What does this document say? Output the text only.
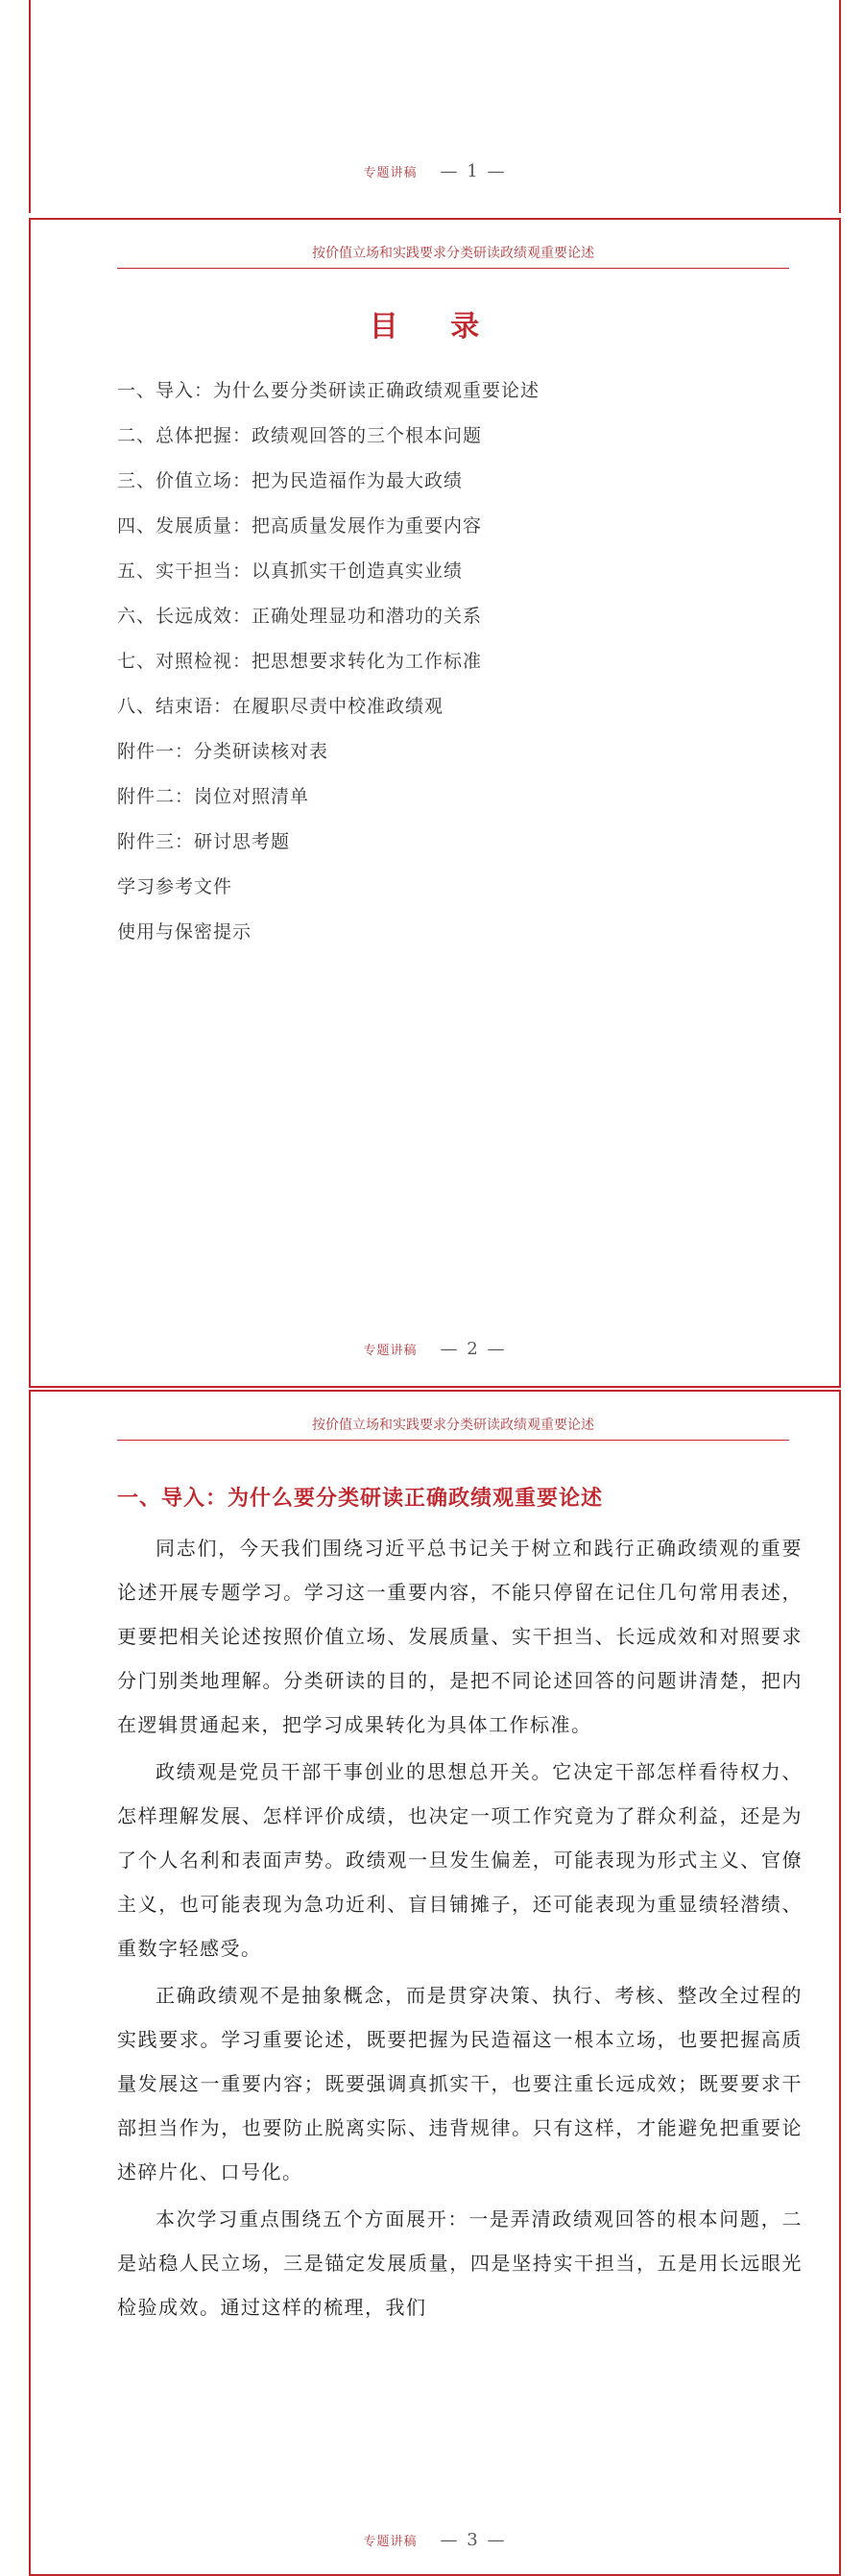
专题讲稿 — 1 —
按价值立场和实践要求分类研读政绩观重要论述
目 录
一、导入：为什么要分类研读正确政绩观重要论述
二、总体把握：政绩观回答的三个根本问题
三、价值立场：把为民造福作为最大政绩
四、发展质量：把高质量发展作为重要内容
五、实干担当：以真抓实干创造真实业绩
六、长远成效：正确处理显功和潜功的关系
七、对照检视：把思想要求转化为工作标准
八、结束语：在履职尽责中校准政绩观
附件一：分类研读核对表
附件二：岗位对照清单
附件三：研讨思考题
学习参考文件
使用与保密提示
专题讲稿 — 2 —
按价值立场和实践要求分类研读政绩观重要论述
一、导入：为什么要分类研读正确政绩观重要论述

同志们，今天我们围绕习近平总书记关于树立和践行正确政绩观的重要论述开展专题学习。学习这一重要内容，不能只停留在记住几句常用表述，更要把相关论述按照价值立场、发展质量、实干担当、长远成效和对照要求分门别类地理解。分类研读的目的，是把不同论述回答的问题讲清楚，把内在逻辑贯通起来，把学习成果转化为具体工作标准。

政绩观是党员干部干事创业的思想总开关。它决定干部怎样看待权力、怎样理解发展、怎样评价成绩，也决定一项工作究竟为了群众利益，还是为了个人名利和表面声势。政绩观一旦发生偏差，可能表现为形式主义、官僚主义，也可能表现为急功近利、盲目铺摊子，还可能表现为重显绩轻潜绩、重数字轻感受。

正确政绩观不是抽象概念，而是贯穿决策、执行、考核、整改全过程的实践要求。学习重要论述，既要把握为民造福这一根本立场，也要把握高质量发展这一重要内容；既要强调真抓实干，也要注重长远成效；既要要求干部担当作为，也要防止脱离实际、违背规律。只有这样，才能避免把重要论述碎片化、口号化。

本次学习重点围绕五个方面展开：一是弄清政绩观回答的根本问题，二是站稳人民立场，三是锚定发展质量，四是坚持实干担当，五是用长远眼光检验成效。通过这样的梳理，我们

专题讲稿 — 3 —
